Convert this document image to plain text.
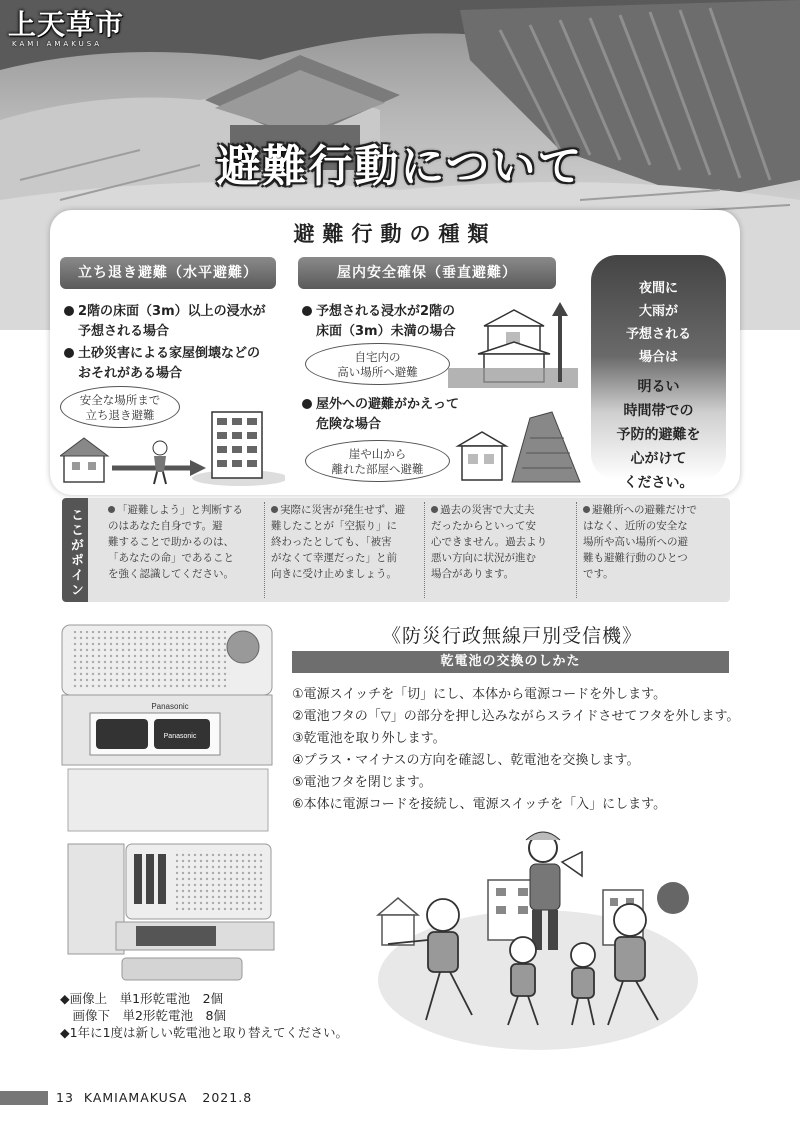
上天草市
KAMI AMAKUSA
避難行動について
避難行動の種類
立ち退き避難（水平避難）	屋内安全確保（垂直避難）
2階の床面（3m）以上の浸水が
予想される場合
土砂災害による家屋倒壊などの
おそれがある場合
安全な場所まで
立ち退き避難
予想される浸水が2階の
床面（3m）未満の場合
自宅内の
高い場所へ避難
屋外への避難がかえって
危険な場合
崖や山から
離れた部屋へ避難
夜間に
大雨が
予想される
場合は
明るい
時間帯での
予防的避難を
心がけて
ください。
ここがポイント！
「避難しよう」と判断する
のはあなた自身です。避
難することで助かるのは、
「あなたの命」であること
を強く認識してください。
実際に災害が発生せず、避
難したことが「空振り」に
終わったとしても、「被害
がなくて幸運だった」と前
向きに受け止めましょう。
過去の災害で大丈夫
だったからといって安
心できません。過去より
悪い方向に状況が進む
場合があります。
避難所への避難だけで
はなく、近所の安全な
場所や高い場所への避
難も避難行動のひとつ
です。
Panasonic
Panasonic
《防災行政無線戸別受信機》
乾電池の交換のしかた
①電源スイッチを「切」にし、本体から電源コードを外します。
②電池フタの「▽」の部分を押し込みながらスライドさせてフタを外します。
③乾電池を取り外します。
④プラス・マイナスの方向を確認し、乾電池を交換します。
⑤電池フタを閉じます。
⑥本体に電源コードを接続し、電源スイッチを「入」にします。
◆画像上　単1形乾電池　2個
　画像下　単2形乾電池　8個
◆1年に1度は新しい乾電池と取り替えてください。
13 KAMIAMAKUSA 2021.8
